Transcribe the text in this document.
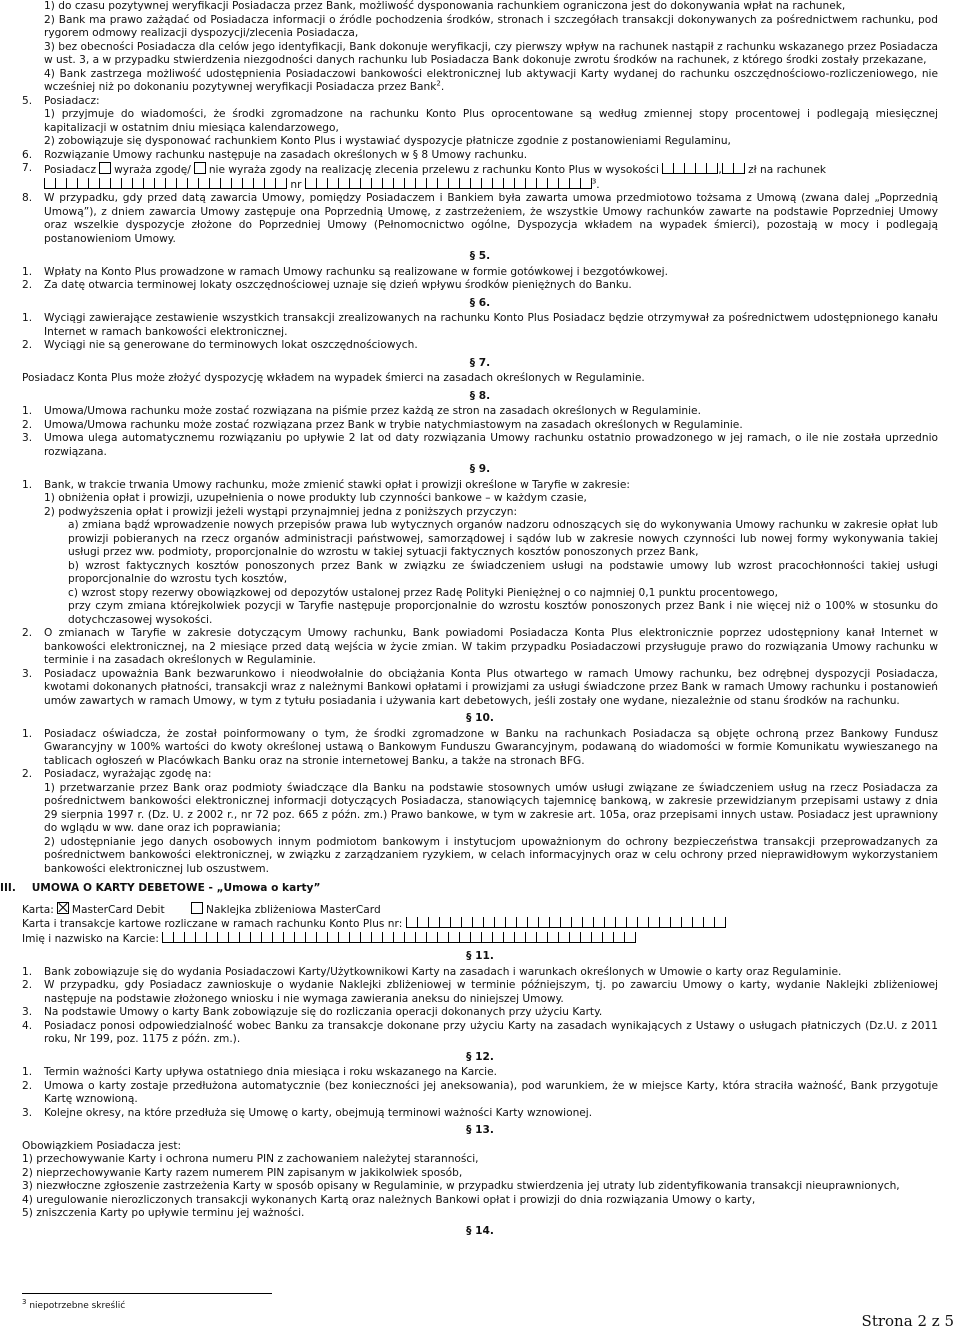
1) do czasu pozytywnej weryfikacji Posiadacza przez Bank, możliwość dysponowania rachunkiem ograniczona jest do dokonywania wpłat na rachunek,
2) Bank ma prawo zażądać od Posiadacza informacji o źródle pochodzenia środków, stronach i szczegółach transakcji dokonywanych za pośrednictwem rachunku, pod rygorem odmowy realizacji dyspozycji/zlecenia Posiadacza,
3) bez obecności Posiadacza dla celów jego identyfikacji, Bank dokonuje weryfikacji, czy pierwszy wpływ na rachunek nastąpił z rachunku wskazanego przez Posiadacza w ust. 3, a w przypadku stwierdzenia niezgodności danych rachunku lub Posiadacza Bank dokonuje zwrotu środków na rachunek, z którego środki zostały przekazane,
4) Bank zastrzega możliwość udostępnienia Posiadaczowi bankowości elektronicznej lub aktywacji Karty wydanej do rachunku oszczędnościowo-rozliczeniowego, nie wcześniej niż po dokonaniu pozytywnej weryfikacji Posiadacza przez Bank$^2$.
5.	Posiadacz:
1) przyjmuje do wiadomości, że środki zgromadzone na rachunku Konto Plus oprocentowane są według zmiennej stopy procentowej i podlegają miesięcznej kapitalizacji w ostatnim dniu miesiąca kalendarzowego,
2) zobowiązuje się dysponować rachunkiem Konto Plus i wystawiać dyspozycje płatnicze zgodnie z postanowieniami Regulaminu,
6.	Rozwiązanie Umowy rachunku następuje na zasadach określonych w § 8 Umowy rachunku.
7.	Posiadacz wyraża zgodę/ nie wyraża zgody na realizację zlecenia przelewu z rachunku Konto Plus w wysokości	, zł na rachunek
nr	$^3$.
8.	W przypadku, gdy przed datą zawarcia Umowy, pomiędzy Posiadaczem i Bankiem była zawarta umowa przedmiotowo tożsama z Umową (zwana dalej „Poprzednią Umową”), z dniem zawarcia Umowy zastępuje ona Poprzednią Umowę, z zastrzeżeniem, że wszystkie Umowy rachunków zawarte na podstawie Poprzedniej Umowy oraz wszelkie dyspozycje złożone do Poprzedniej Umowy (Pełnomocnictwo ogólne, Dyspozycja wkładem na wypadek śmierci), pozostają w mocy i podlegają postanowieniom Umowy.
§ 5.
1.	Wpłaty na Konto Plus prowadzone w ramach Umowy rachunku są realizowane w formie gotówkowej i bezgotówkowej.
2.	Za datę otwarcia terminowej lokaty oszczędnościowej uznaje się dzień wpływu środków pieniężnych do Banku.
§ 6.
1.	Wyciągi zawierające zestawienie wszystkich transakcji zrealizowanych na rachunku Konto Plus Posiadacz będzie otrzymywał za pośrednictwem udostępnionego kanału Internet w ramach bankowości elektronicznej.
2.	Wyciągi nie są generowane do terminowych lokat oszczędnościowych.
§ 7.

Posiadacz Konta Plus może złożyć dyspozycję wkładem na wypadek śmierci na zasadach określonych w Regulaminie.

§ 8.
1.	Umowa/Umowa rachunku może zostać rozwiązana na piśmie przez każdą ze stron na zasadach określonych w Regulaminie.
2.	Umowa/Umowa rachunku może zostać rozwiązana przez Bank w trybie natychmiastowym na zasadach określonych w Regulaminie.
3.	Umowa ulega automatycznemu rozwiązaniu po upływie 2 lat od daty rozwiązania Umowy rachunku ostatnio prowadzonego w jej ramach, o ile nie została uprzednio rozwiązana.
§ 9.
1.	Bank, w trakcie trwania Umowy rachunku, może zmienić stawki opłat i prowizji określone w Taryfie w zakresie:
1) obniżenia opłat i prowizji, uzupełnienia o nowe produkty lub czynności bankowe – w każdym czasie,
2) podwyższenia opłat i prowizji jeżeli wystąpi przynajmniej jedna z poniższych przyczyn:
a) zmiana bądź wprowadzenie nowych przepisów prawa lub wytycznych organów nadzoru odnoszących się do wykonywania Umowy rachunku w zakresie opłat lub prowizji pobieranych na rzecz organów administracji państwowej, samorządowej i sądów lub w zakresie nowych czynności lub nowej formy wykonywania takiej usługi przez ww. podmioty, proporcjonalnie do wzrostu w takiej sytuacji faktycznych kosztów ponoszonych przez Bank,
b) wzrost faktycznych kosztów ponoszonych przez Bank w związku ze świadczeniem usługi na podstawie umowy lub wzrost pracochłonności takiej usługi proporcjonalnie do wzrostu tych kosztów,
c) wzrost stopy rezerwy obowiązkowej od depozytów ustalonej przez Radę Polityki Pieniężnej o co najmniej 0,1 punktu procentowego,
przy czym zmiana którejkolwiek pozycji w Taryfie następuje proporcjonalnie do wzrostu kosztów ponoszonych przez Bank i nie więcej niż o 100% w stosunku do dotychczasowej wysokości.
2.	O zmianach w Taryfie w zakresie dotyczącym Umowy rachunku, Bank powiadomi Posiadacza Konta Plus elektronicznie poprzez udostępniony kanał Internet w bankowości elektronicznej, na 2 miesiące przed datą wejścia w życie zmian. W takim przypadku Posiadaczowi przysługuje prawo do rozwiązania Umowy rachunku w terminie i na zasadach określonych w Regulaminie.
3.	Posiadacz upoważnia Bank bezwarunkowo i nieodwołalnie do obciążania Konta Plus otwartego w ramach Umowy rachunku, bez odrębnej dyspozycji Posiadacza, kwotami dokonanych płatności, transakcji wraz z należnymi Bankowi opłatami i prowizjami za usługi świadczone przez Bank w ramach Umowy rachunku i postanowień umów zawartych w ramach Umowy, w tym z tytułu posiadania i używania kart debetowych, jeśli zostały one wydane, niezależnie od stanu środków na rachunku.
§ 10.
1.	Posiadacz oświadcza, że został poinformowany o tym, że środki zgromadzone w Banku na rachunkach Posiadacza są objęte ochroną przez Bankowy Fundusz Gwarancyjny w 100% wartości do kwoty określonej ustawą o Bankowym Funduszu Gwarancyjnym, podawaną do wiadomości w formie Komunikatu wywieszanego na tablicach ogłoszeń w Placówkach Banku oraz na stronie internetowej Banku, a także na stronach BFG.
2.	Posiadacz, wyrażając zgodę na:
1) przetwarzanie przez Bank oraz podmioty świadczące dla Banku na podstawie stosownych umów usługi związane ze świadczeniem usług na rzecz Posiadacza za pośrednictwem bankowości elektronicznej informacji dotyczących Posiadacza, stanowiących tajemnicę bankową, w zakresie przewidzianym przepisami ustawy z dnia 29 sierpnia 1997 r. (Dz. U. z 2002 r., nr 72 poz. 665 z późn. zm.) Prawo bankowe, w tym w zakresie art. 105a, oraz przepisami innych ustaw. Posiadacz jest uprawniony do wglądu w ww. dane oraz ich poprawiania;
2) udostępnianie jego danych osobowych innym podmiotom bankowym i instytucjom upoważnionym do ochrony bezpieczeństwa transakcji przeprowadzanych za pośrednictwem bankowości elektronicznej, w związku z zarządzaniem ryzykiem, w celach informacyjnych oraz w celu ochrony przed nieprawidłowym wykorzystaniem bankowości elektronicznej lub oszustwem.
III. UMOWA O KARTY DEBETOWE - „Umowa o karty”
Karta: MasterCard Debit	Naklejka zbliżeniowa MasterCard
Karta i transakcje kartowe rozliczane w ramach rachunku Konto Plus nr:
Imię i nazwisko na Karcie:
§ 11.
1.	Bank zobowiązuje się do wydania Posiadaczowi Karty/Użytkownikowi Karty na zasadach i warunkach określonych w Umowie o karty oraz Regulaminie.
2.	W przypadku, gdy Posiadacz zawnioskuje o wydanie Naklejki zbliżeniowej w terminie późniejszym, tj. po zawarciu Umowy o karty, wydanie Naklejki zbliżeniowej następuje na podstawie złożonego wniosku i nie wymaga zawierania aneksu do niniejszej Umowy.
3.	Na podstawie Umowy o karty Bank zobowiązuje się do rozliczania operacji dokonanych przy użyciu Karty.
4.	Posiadacz ponosi odpowiedzialność wobec Banku za transakcje dokonane przy użyciu Karty na zasadach wynikających z Ustawy o usługach płatniczych (Dz.U. z 2011 roku, Nr 199, poz. 1175 z późn. zm.).
§ 12.
1.	Termin ważności Karty upływa ostatniego dnia miesiąca i roku wskazanego na Karcie.
2.	Umowa o karty zostaje przedłużona automatycznie (bez konieczności jej aneksowania), pod warunkiem, że w miejsce Karty, która straciła ważność, Bank przygotuje Kartę wznowioną.
3.	Kolejne okresy, na które przedłuża się Umowę o karty, obejmują terminowi ważności Karty wznowionej.
§ 13.

Obowiązkiem Posiadacza jest:

1) przechowywanie Karty i ochrona numeru PIN z zachowaniem należytej staranności,
2) nieprzechowywanie Karty razem numerem PIN zapisanym w jakikolwiek sposób,
3) niezwłoczne zgłoszenie zastrzeżenia Karty w sposób opisany w Regulaminie, w przypadku stwierdzenia jej utraty lub zidentyfikowania transakcji nieuprawnionych,
4) uregulowanie nierozliczonych transakcji wykonanych Kartą oraz należnych Bankowi opłat i prowizji do dnia rozwiązania Umowy o karty,
5) zniszczenia Karty po upływie terminu jej ważności.
§ 14.
$^3$ niepotrzebne skreślić
Strona 2 z 5
